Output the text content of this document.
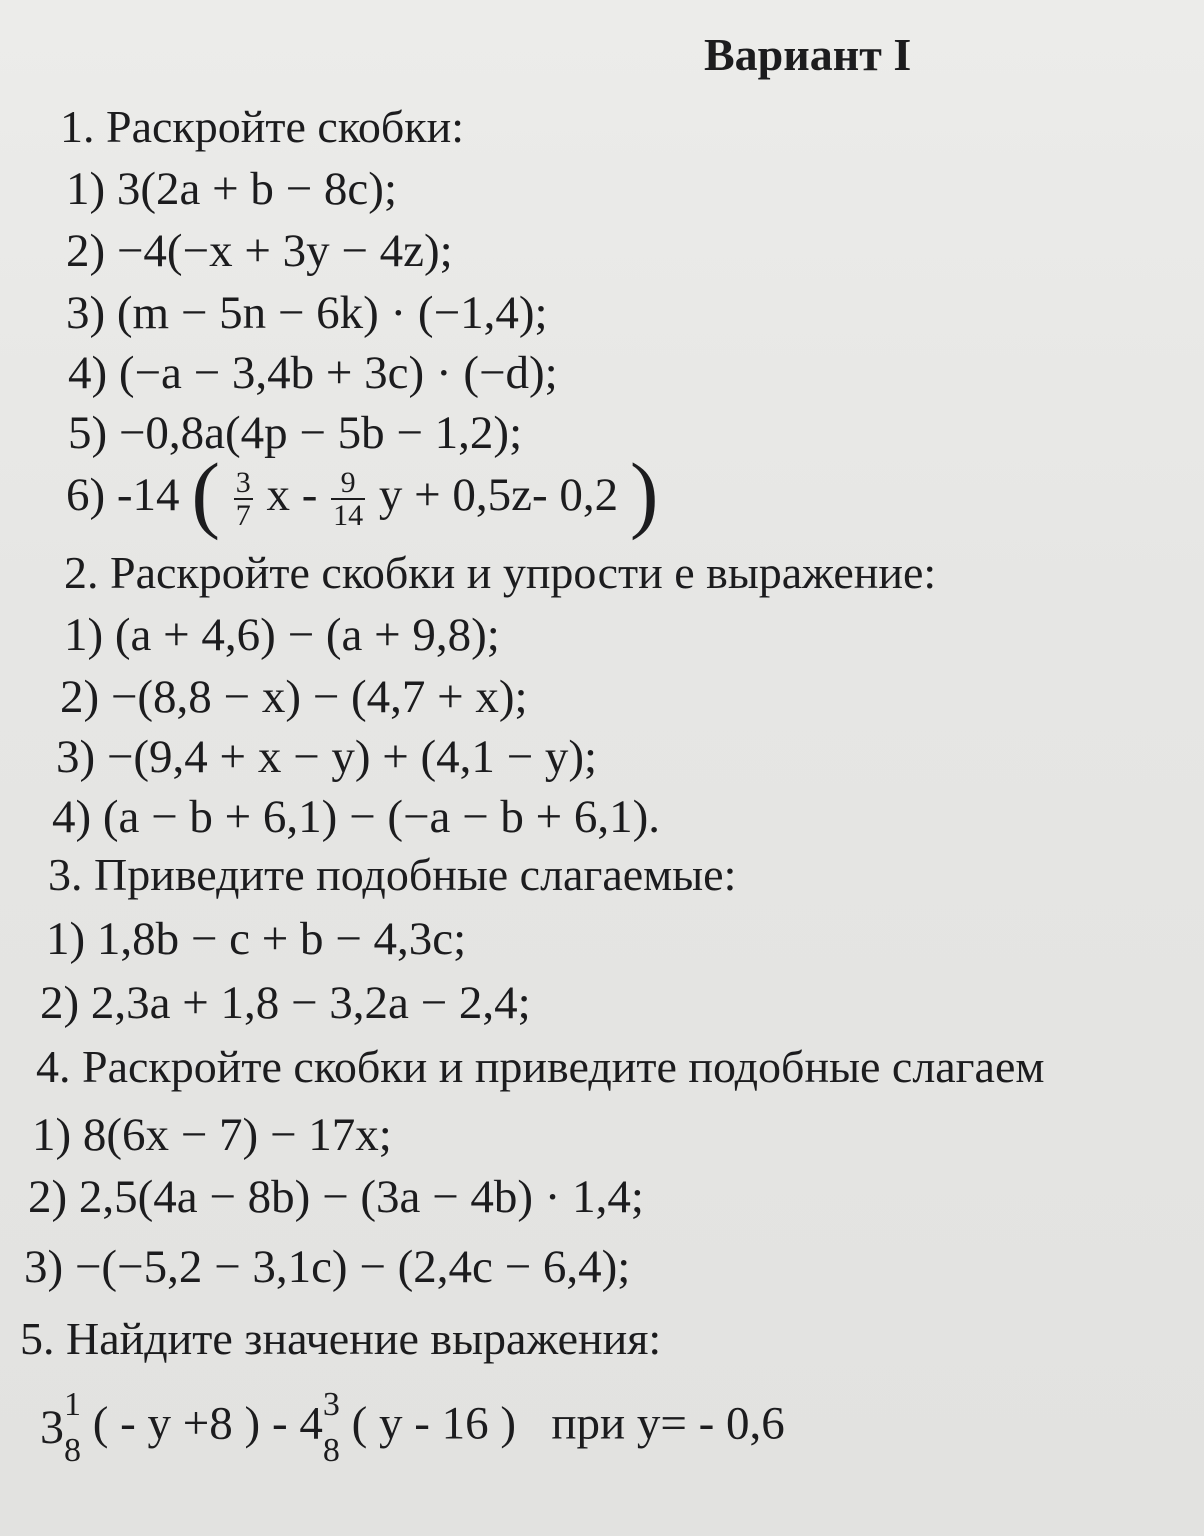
Вариант I
1. Раскройте скобки:
1) 3(2a + b − 8c);
2) −4(−x + 3y − 4z);
3) (m − 5n − 6k) · (−1,4);
4) (−a − 3,4b + 3c) · (−d);
5) −0,8a(4p − 5b − 1,2);
6) -14 ( $\frac{3}{7}$ x - $\frac{9}{14}$ y + 0,5z- 0,2 )
2. Раскройте скобки и упрости е выражение:
1) (a + 4,6) − (a + 9,8);
2) −(8,8 − x) − (4,7 + x);
3) −(9,4 + x − y) + (4,1 − y);
4) (a − b + 6,1) − (−a − b + 6,1).
3. Приведите подобные слагаемые:
1) 1,8b − c + b − 4,3c;
2) 2,3a + 1,8 − 3,2a − 2,4;
4. Раскройте скобки и приведите подобные слагаем
1) 8(6x − 7) − 17x;
2) 2,5(4a − 8b) − (3a − 4b) · 1,4;
3) −(−5,2 − 3,1c) − (2,4c − 6,4);
5. Найдите значение выражения:
3 1
8
( - y +8 ) - 4 3
8
( y - 16 )   при y= - 0,6
